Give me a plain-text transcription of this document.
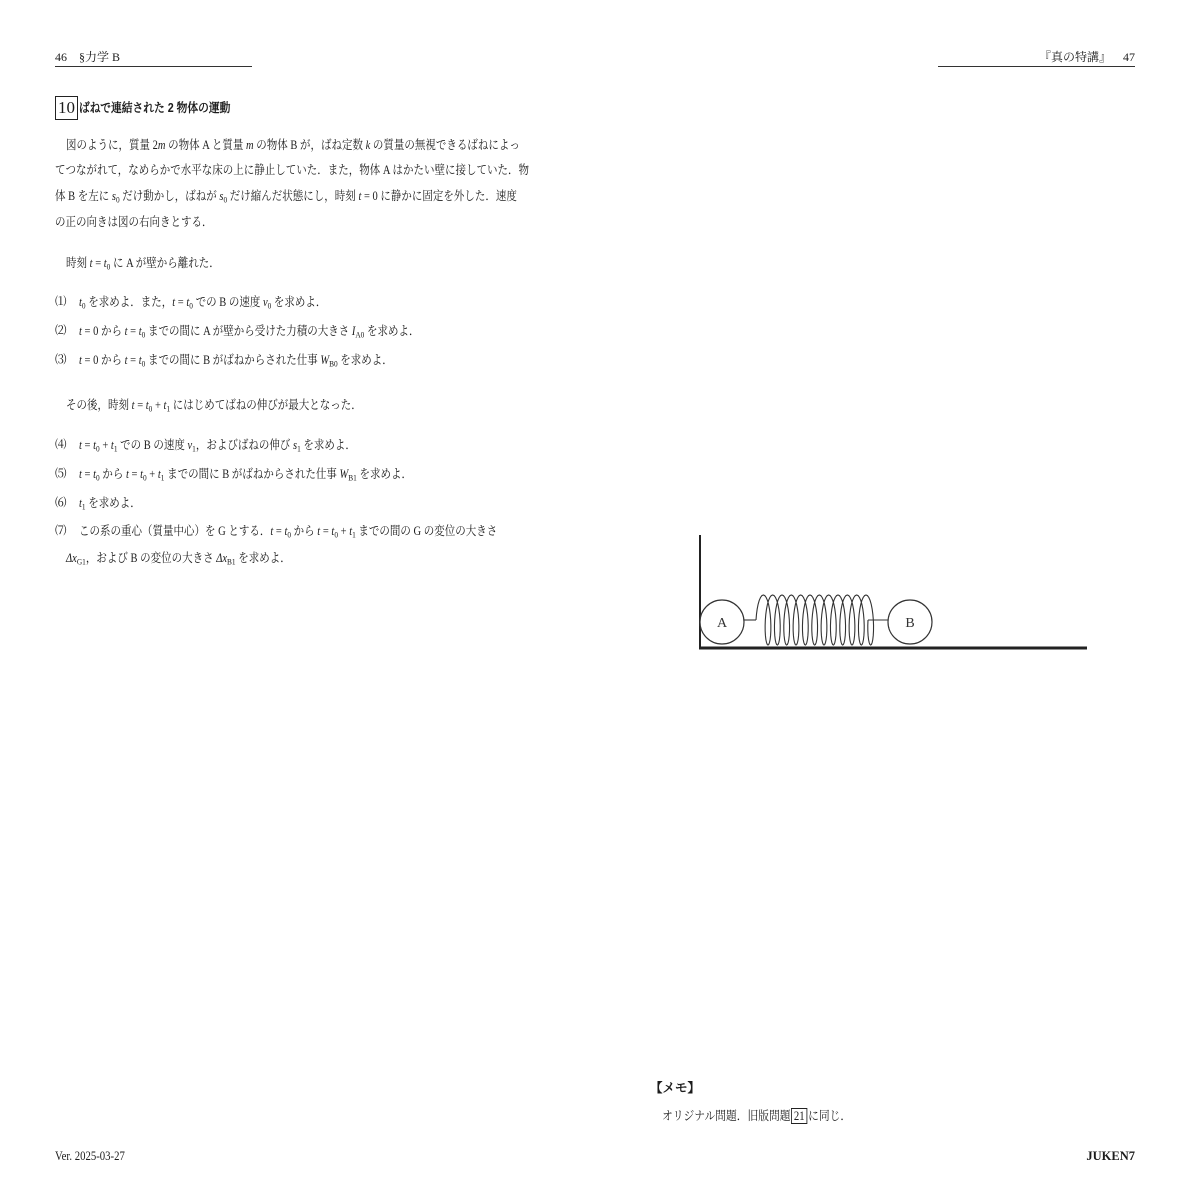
46 §力学 B	『真の特講』 47
10 ばねで連結された 2 物体の運動
図のように，質量 2m の物体 A と質量 m の物体 B が，ばね定数 k の質量の無視できるばねによっ
てつながれて，なめらかで水平な床の上に静止していた．また，物体 A はかたい壁に接していた．物
体 B を左に $s_0$ だけ動かし，ばねが $s_0$ だけ縮んだ状態にし，時刻 t = 0 に静かに固定を外した．速度
の正の向きは図の右向きとする．
時刻 $t = t_0$ に A が壁から離れた．
⑴ $t_0$ を求めよ．また，$t = t_0$ での B の速度 $v_0$ を求めよ．
⑵ t = 0 から $t = t_0$ までの間に A が壁から受けた力積の大きさ $I_{A0}$ を求めよ．
⑶ t = 0 から $t = t_0$ までの間に B がばねからされた仕事 $W_{B0}$ を求めよ．
その後，時刻 $t = t_0 + t_1$ にはじめてばねの伸びが最大となった．
⑷ $t = t_0 + t_1$ での B の速度 $v_1$，およびばねの伸び $s_1$ を求めよ．
⑸ $t = t_0$ から $t = t_0 + t_1$ までの間に B がばねからされた仕事 $W_{B1}$ を求めよ．
⑹ $t_1$ を求めよ．
⑺ この系の重心（質量中心）を G とする．$t = t_0$ から $t = t_0 + t_1$ までの間の G の変位の大きさ
$\Delta x_{G1}$，および B の変位の大きさ $\Delta x_{B1}$ を求めよ．
A	B
【メモ】
オリジナル問題．旧版問題 21 に同じ．
Ver. 2025-03-27	JUKEN7
